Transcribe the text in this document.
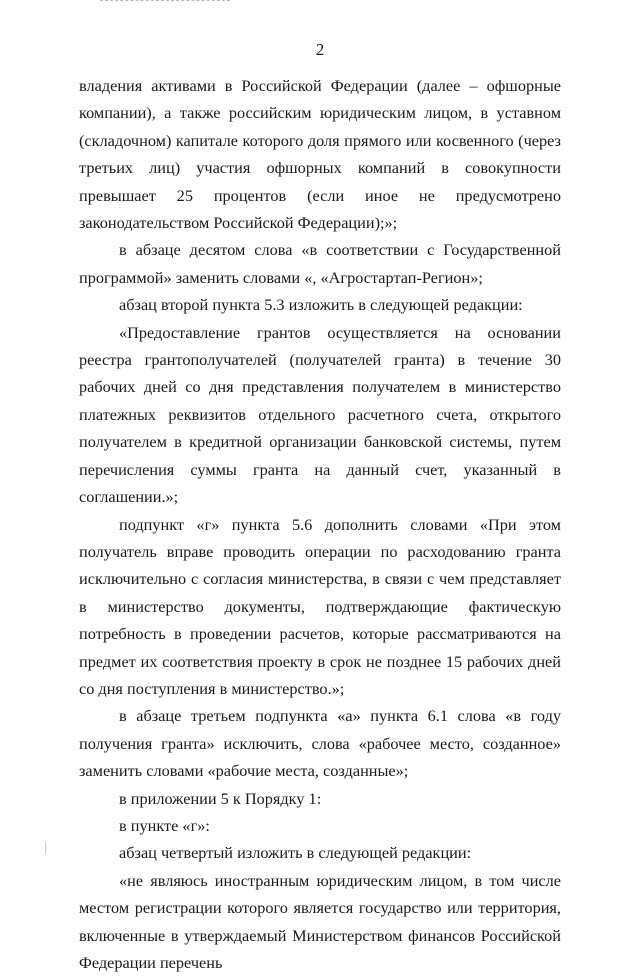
2

владения активами в Российской Федерации (далее – офшорные компании), а также российским юридическим лицом, в уставном (складочном) капитале которого доля прямого или косвенного (через третьих лиц) участия офшорных компаний в совокупности превышает 25 процентов (если иное не предусмотрено законодательством Российской Федерации);»;

в абзаце десятом слова «в соответствии с Государственной программой» заменить словами «, «Агростартап-Регион»;

абзац второй пункта 5.3 изложить в следующей редакции:

«Предоставление грантов осуществляется на основании реестра грантополучателей (получателей гранта) в течение 30 рабочих дней со дня представления получателем в министерство платежных реквизитов отдельного расчетного счета, открытого получателем в кредитной организации банковской системы, путем перечисления суммы гранта на данный счет, указанный в соглашении.»;

подпункт «г» пункта 5.6 дополнить словами «При этом получатель вправе проводить операции по расходованию гранта исключительно с согласия министерства, в связи с чем представляет в министерство документы, подтверждающие фактическую потребность в проведении расчетов, которые рассматриваются на предмет их соответствия проекту в срок не позднее 15 рабочих дней со дня поступления в министерство.»;

в абзаце третьем подпункта «а» пункта 6.1 слова «в году получения гранта» исключить, слова «рабочее место, созданное» заменить словами «рабочие места, созданные»;

в приложении 5 к Порядку 1:

в пункте «г»:

абзац четвертый изложить в следующей редакции:

«не являюсь иностранным юридическим лицом, в том числе местом регистрации которого является государство или территория, включенные в утверждаемый Министерством финансов Российской Федерации перечень
